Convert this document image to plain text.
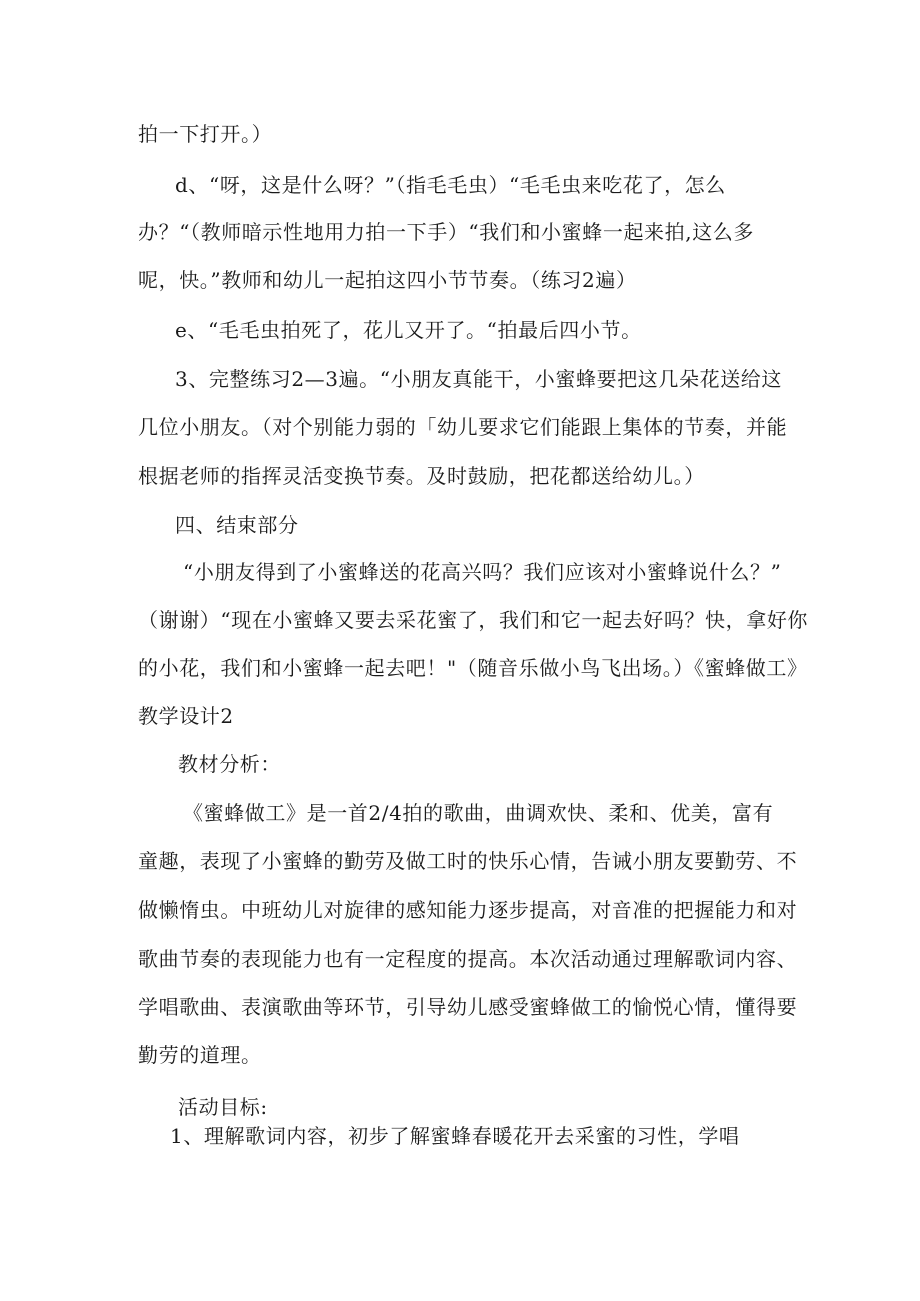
拍一下打开。）
d、“呀，这是什么呀？”（指毛毛虫）“毛毛虫来吃花了，怎么
办？“（教师暗示性地用力拍一下手）“我们和小蜜蜂一起来拍,这么多
呢，快。”教师和幼儿一起拍这四小节节奏。（练习2遍）
e、“毛毛虫拍死了，花儿又开了。“拍最后四小节。
3、完整练习2—3遍。“小朋友真能干，小蜜蜂要把这几朵花送给这
几位小朋友。（对个别能力弱的「幼儿要求它们能跟上集体的节奏，并能
根据老师的指挥灵活变换节奏。及时鼓励，把花都送给幼儿。）
四、结束部分
“小朋友得到了小蜜蜂送的花高兴吗？我们应该对小蜜蜂说什么？”
（谢谢）“现在小蜜蜂又要去采花蜜了，我们和它一起去好吗？快，拿好你
的小花，我们和小蜜蜂一起去吧！"（随音乐做小鸟飞出场。）《蜜蜂做工》
教学设计2
教材分析：
《蜜蜂做工》是一首2/4拍的歌曲，曲调欢快、柔和、优美，富有
童趣，表现了小蜜蜂的勤劳及做工时的快乐心情，告诫小朋友要勤劳、不
做懒惰虫。中班幼儿对旋律的感知能力逐步提高，对音准的把握能力和对
歌曲节奏的表现能力也有一定程度的提高。本次活动通过理解歌词内容、
学唱歌曲、表演歌曲等环节，引导幼儿感受蜜蜂做工的愉悦心情，懂得要
勤劳的道理。
活动目标:
1、理解歌词内容，初步了解蜜蜂春暖花开去采蜜的习性，学唱
